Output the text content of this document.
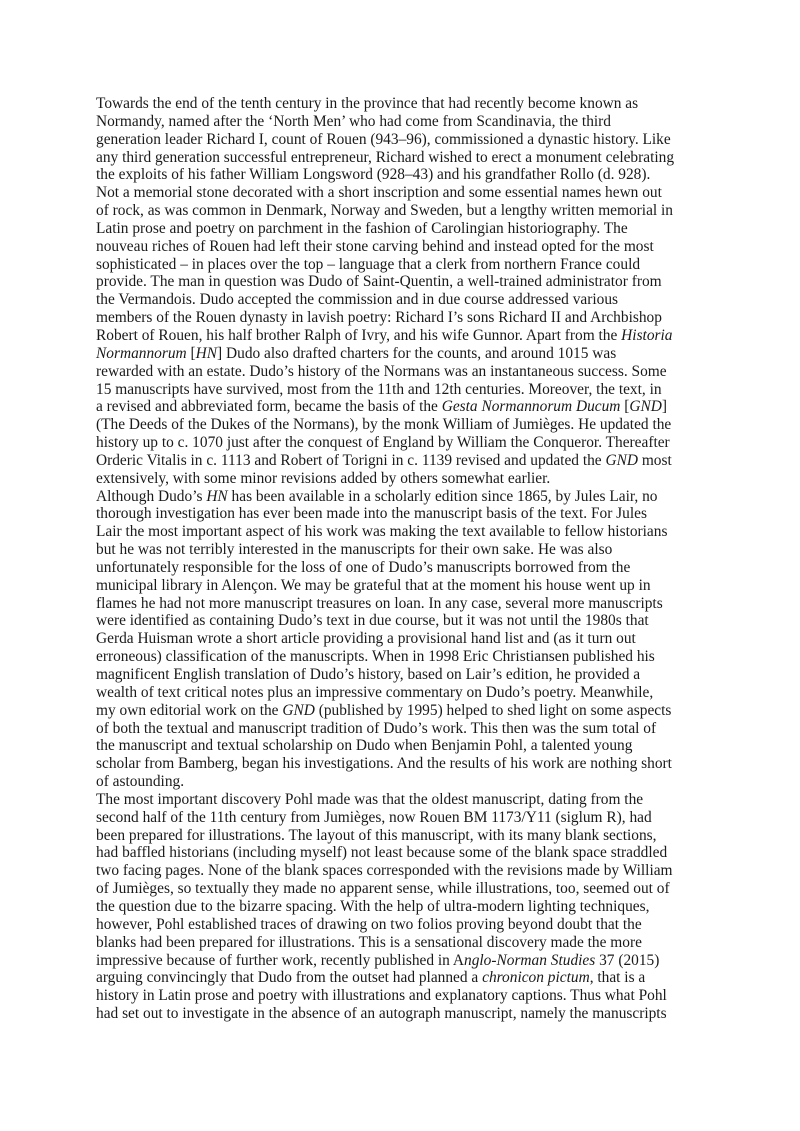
Towards the end of the tenth century in the province that had recently become known as
Normandy, named after the ‘North Men’ who had come from Scandinavia, the third
generation leader Richard I, count of Rouen (943–96), commissioned a dynastic history. Like
any third generation successful entrepreneur, Richard wished to erect a monument celebrating
the exploits of his father William Longsword (928–43) and his grandfather Rollo (d. 928).
Not a memorial stone decorated with a short inscription and some essential names hewn out
of rock, as was common in Denmark, Norway and Sweden, but a lengthy written memorial in
Latin prose and poetry on parchment in the fashion of Carolingian historiography. The
nouveau riches of Rouen had left their stone carving behind and instead opted for the most
sophisticated – in places over the top – language that a clerk from northern France could
provide. The man in question was Dudo of Saint-Quentin, a well-trained administrator from
the Vermandois. Dudo accepted the commission and in due course addressed various
members of the Rouen dynasty in lavish poetry: Richard I’s sons Richard II and Archbishop
Robert of Rouen, his half brother Ralph of Ivry, and his wife Gunnor. Apart from the Historia
Normannorum [HN] Dudo also drafted charters for the counts, and around 1015 was
rewarded with an estate. Dudo’s history of the Normans was an instantaneous success. Some
15 manuscripts have survived, most from the 11th and 12th centuries. Moreover, the text, in
a revised and abbreviated form, became the basis of the Gesta Normannorum Ducum [GND]
(The Deeds of the Dukes of the Normans), by the monk William of Jumièges. He updated the
history up to c. 1070 just after the conquest of England by William the Conqueror. Thereafter
Orderic Vitalis in c. 1113 and Robert of Torigni in c. 1139 revised and updated the GND most
extensively, with some minor revisions added by others somewhat earlier.
Although Dudo’s HN has been available in a scholarly edition since 1865, by Jules Lair, no
thorough investigation has ever been made into the manuscript basis of the text. For Jules
Lair the most important aspect of his work was making the text available to fellow historians
but he was not terribly interested in the manuscripts for their own sake. He was also
unfortunately responsible for the loss of one of Dudo’s manuscripts borrowed from the
municipal library in Alençon. We may be grateful that at the moment his house went up in
flames he had not more manuscript treasures on loan. In any case, several more manuscripts
were identified as containing Dudo’s text in due course, but it was not until the 1980s that
Gerda Huisman wrote a short article providing a provisional hand list and (as it turn out
erroneous) classification of the manuscripts. When in 1998 Eric Christiansen published his
magnificent English translation of Dudo’s history, based on Lair’s edition, he provided a
wealth of text critical notes plus an impressive commentary on Dudo’s poetry. Meanwhile,
my own editorial work on the GND (published by 1995) helped to shed light on some aspects
of both the textual and manuscript tradition of Dudo’s work. This then was the sum total of
the manuscript and textual scholarship on Dudo when Benjamin Pohl, a talented young
scholar from Bamberg, began his investigations. And the results of his work are nothing short
of astounding.
The most important discovery Pohl made was that the oldest manuscript, dating from the
second half of the 11th century from Jumièges, now Rouen BM 1173/Y11 (siglum R), had
been prepared for illustrations. The layout of this manuscript, with its many blank sections,
had baffled historians (including myself) not least because some of the blank space straddled
two facing pages. None of the blank spaces corresponded with the revisions made by William
of Jumièges, so textually they made no apparent sense, while illustrations, too, seemed out of
the question due to the bizarre spacing. With the help of ultra-modern lighting techniques,
however, Pohl established traces of drawing on two folios proving beyond doubt that the
blanks had been prepared for illustrations. This is a sensational discovery made the more
impressive because of further work, recently published in Anglo-Norman Studies 37 (2015)
arguing convincingly that Dudo from the outset had planned a chronicon pictum, that is a
history in Latin prose and poetry with illustrations and explanatory captions. Thus what Pohl
had set out to investigate in the absence of an autograph manuscript, namely the manuscripts
